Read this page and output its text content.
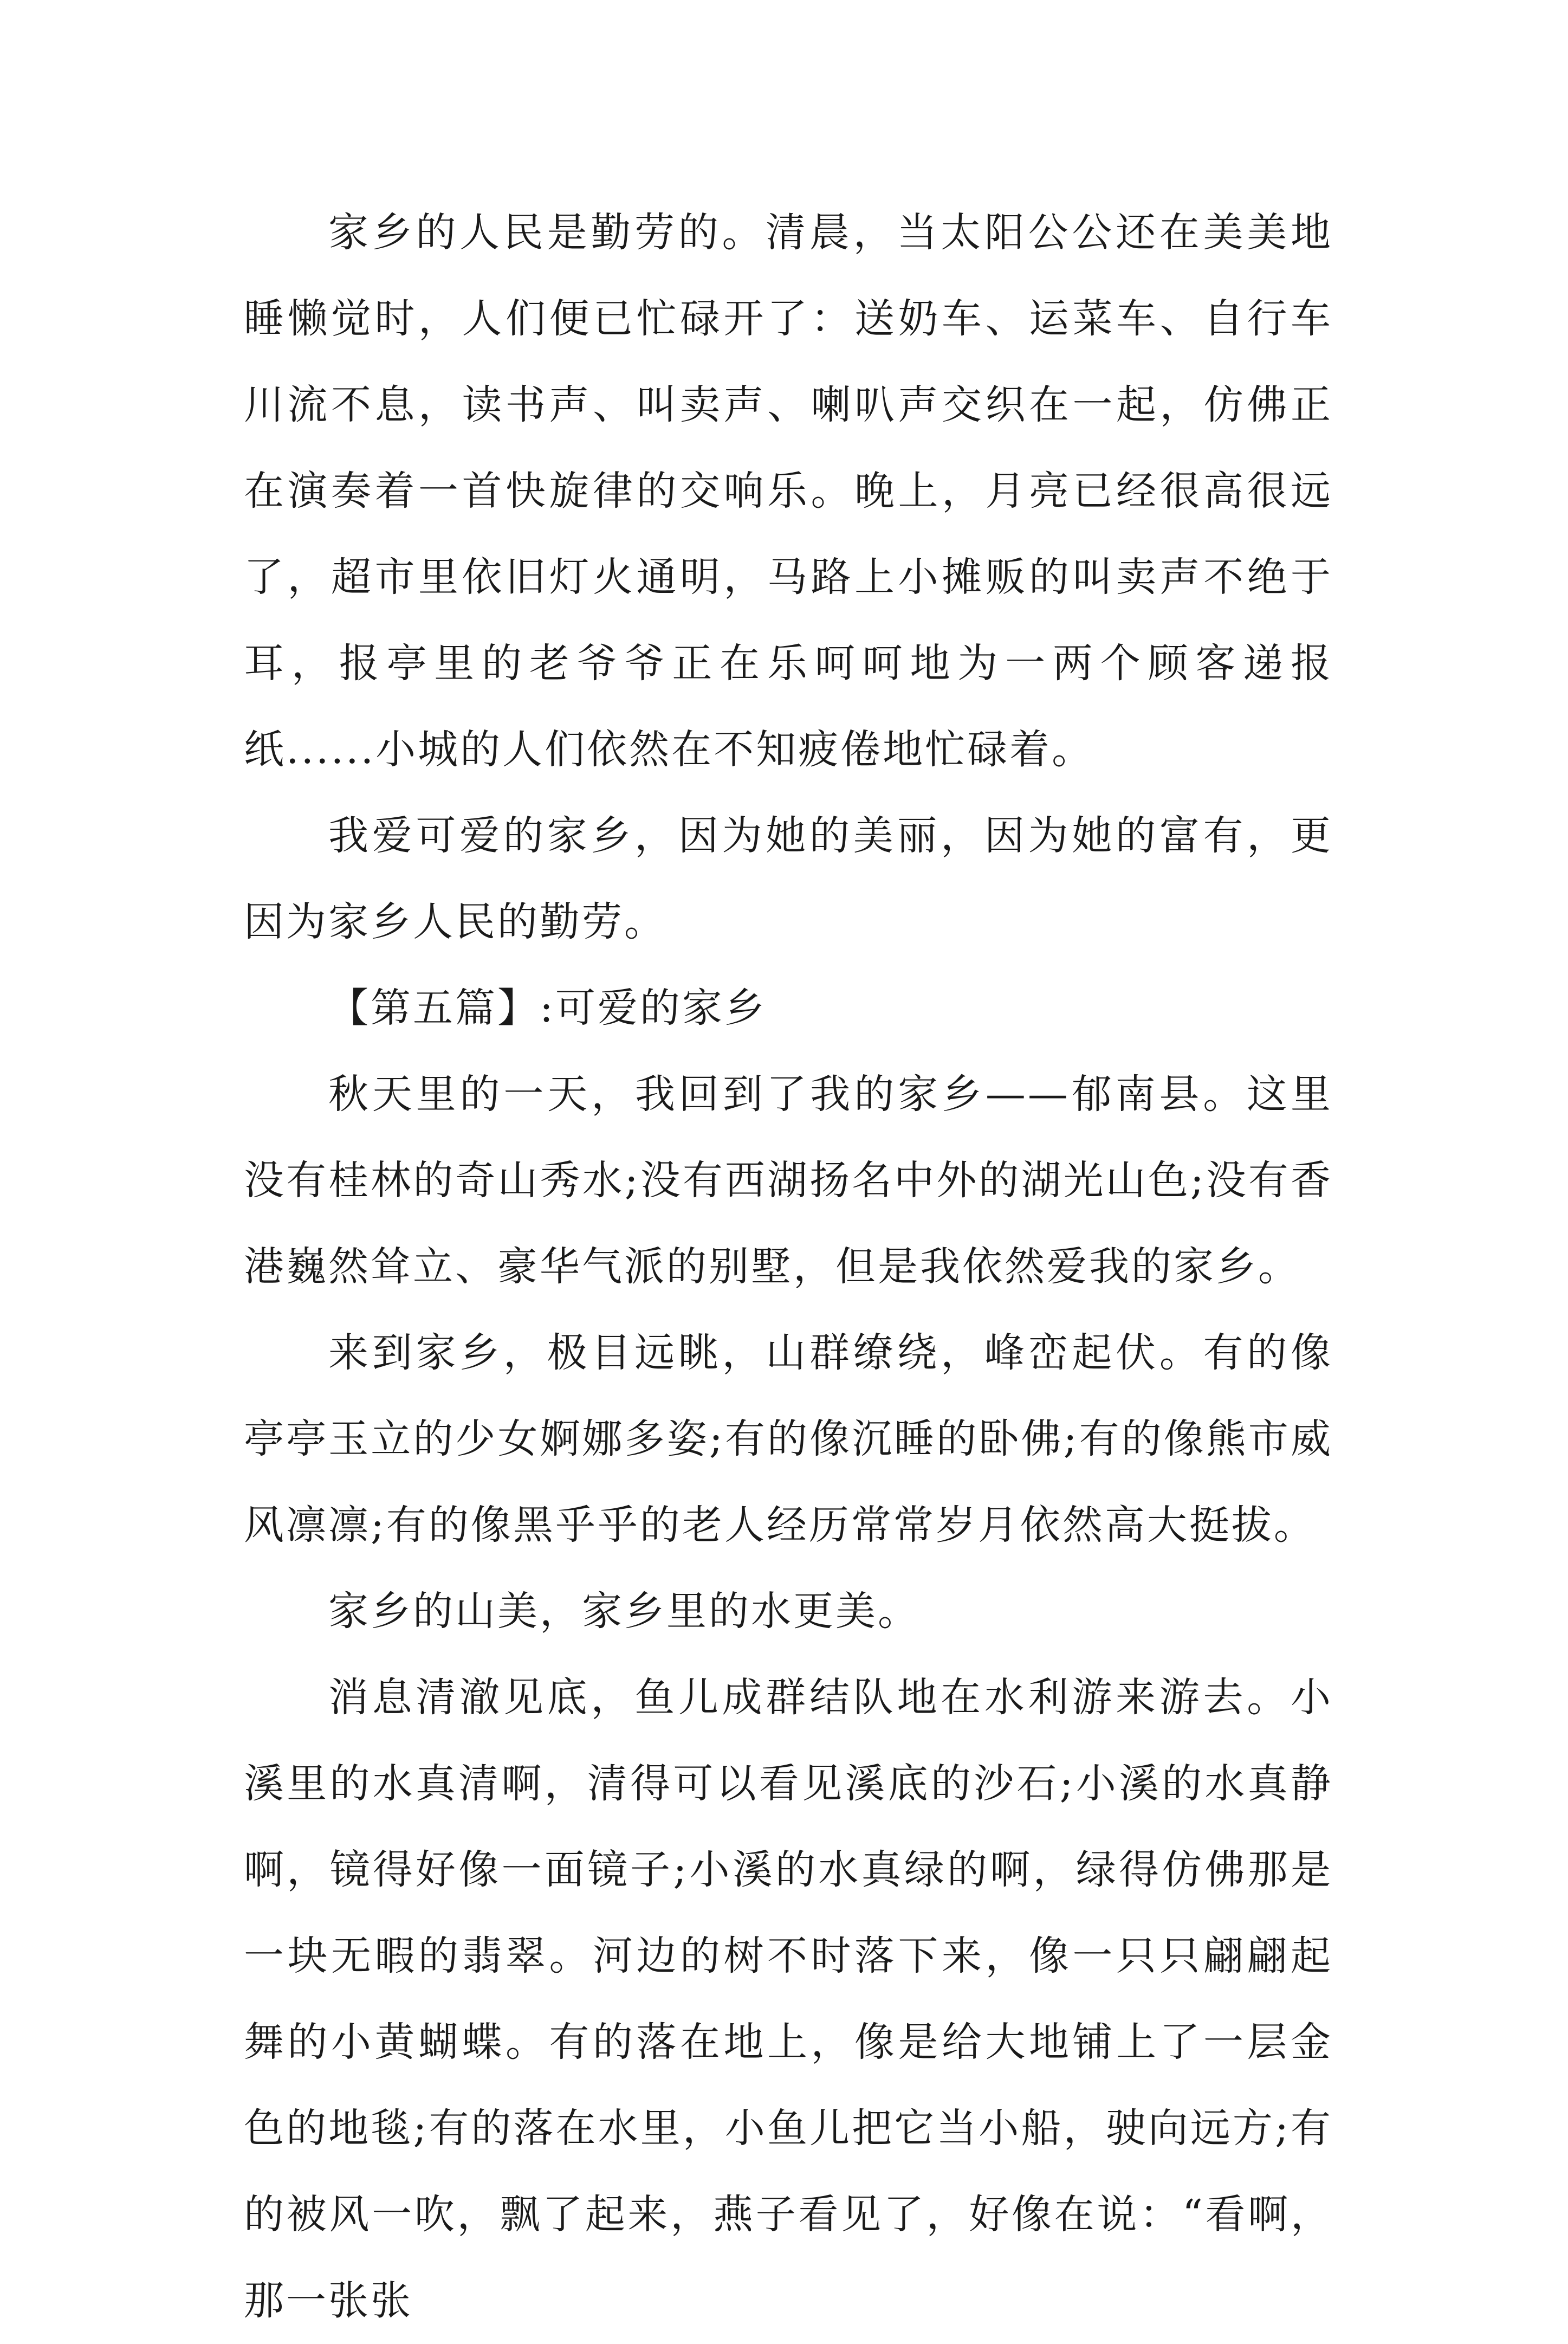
家乡的人民是勤劳的。清晨，当太阳公公还在美美地睡懒觉时，人们便已忙碌开了：送奶车、运菜车、自行车川流不息，读书声、叫卖声、喇叭声交织在一起，仿佛正在演奏着一首快旋律的交响乐。晚上，月亮已经很高很远了，超市里依旧灯火通明，马路上小摊贩的叫卖声不绝于耳，报亭里的老爷爷正在乐呵呵地为一两个顾客递报纸......小城的人们依然在不知疲倦地忙碌着。

我爱可爱的家乡，因为她的美丽，因为她的富有，更因为家乡人民的勤劳。

【第五篇】:可爱的家乡

秋天里的一天，我回到了我的家乡——郁南县。这里没有桂林的奇山秀水;没有西湖扬名中外的湖光山色;没有香港巍然耸立、豪华气派的别墅，但是我依然爱我的家乡。

来到家乡，极目远眺，山群缭绕，峰峦起伏。有的像亭亭玉立的少女婀娜多姿;有的像沉睡的卧佛;有的像熊市威风凛凛;有的像黑乎乎的老人经历常常岁月依然高大挺拔。

家乡的山美，家乡里的水更美。

消息清澈见底，鱼儿成群结队地在水利游来游去。小溪里的水真清啊，清得可以看见溪底的沙石;小溪的水真静啊，镜得好像一面镜子;小溪的水真绿的啊，绿得仿佛那是一块无暇的翡翠。河边的树不时落下来，像一只只翩翩起舞的小黄蝴蝶。有的落在地上，像是给大地铺上了一层金色的地毯;有的落在水里，小鱼儿把它当小船，驶向远方;有的被风一吹，飘了起来，燕子看见了，好像在说：“看啊，那一张张
